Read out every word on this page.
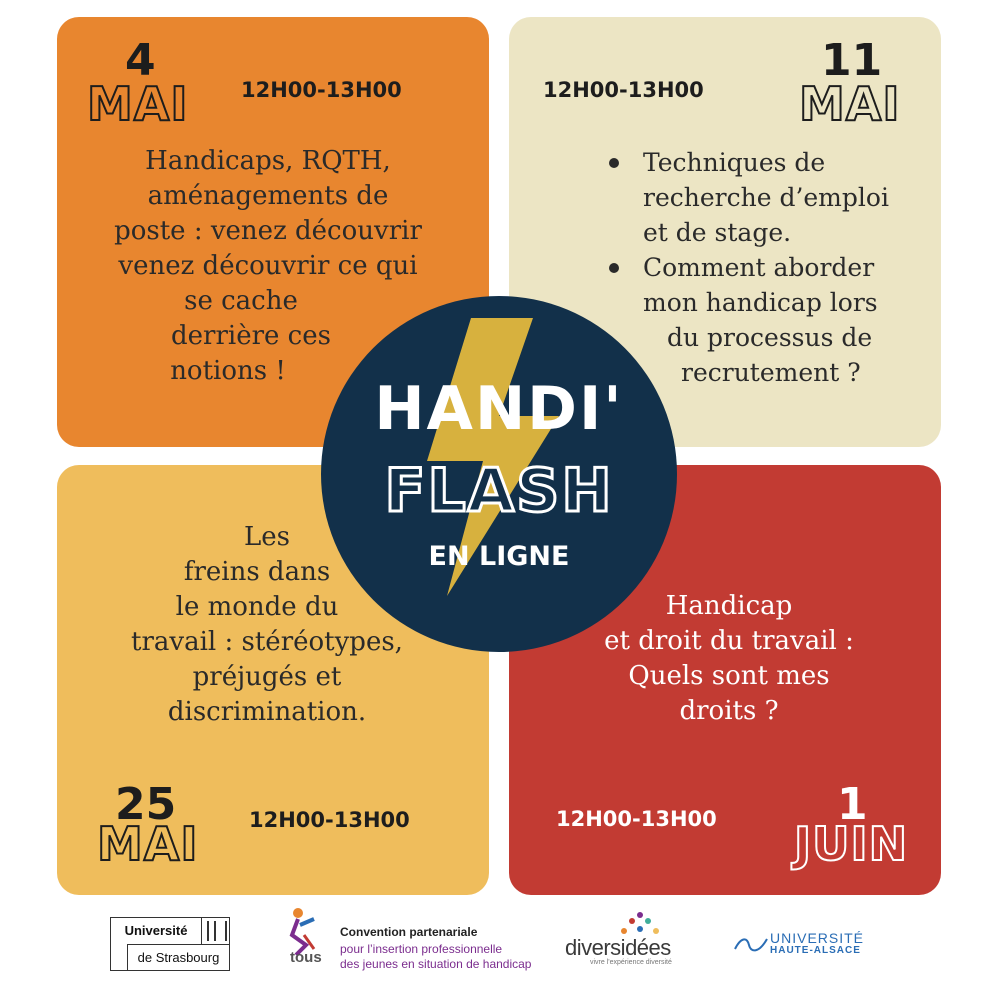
4
MAI	12H00-13H00
Handicaps, RQTH,
aménagements de
poste : venez découvrir
venez découvrir ce qui
se cache
derrière ces
notions !
12H00-13H00
11
MAI
Techniques de
recherche d’emploi
et de stage.
Comment aborder
mon handicap lors
du processus de
recrutement ?
Les
freins dans
le monde du
travail : stéréotypes,
préjugés et
discrimination.
25
MAI 12H00-13H00
Handicap
et droit du travail :
Quels sont mes
droits ?
12H00-13H00	1
JUIN
HANDI'
FLASH
EN LIGNE
Université
de Strasbourg	tous
Convention partenariale
pour l’insertion professionnelle
des jeunes en situation de handicap
diversidées
vivre l'expérience diversité
UNIVERSITÉ
HAUTE-ALSACE
